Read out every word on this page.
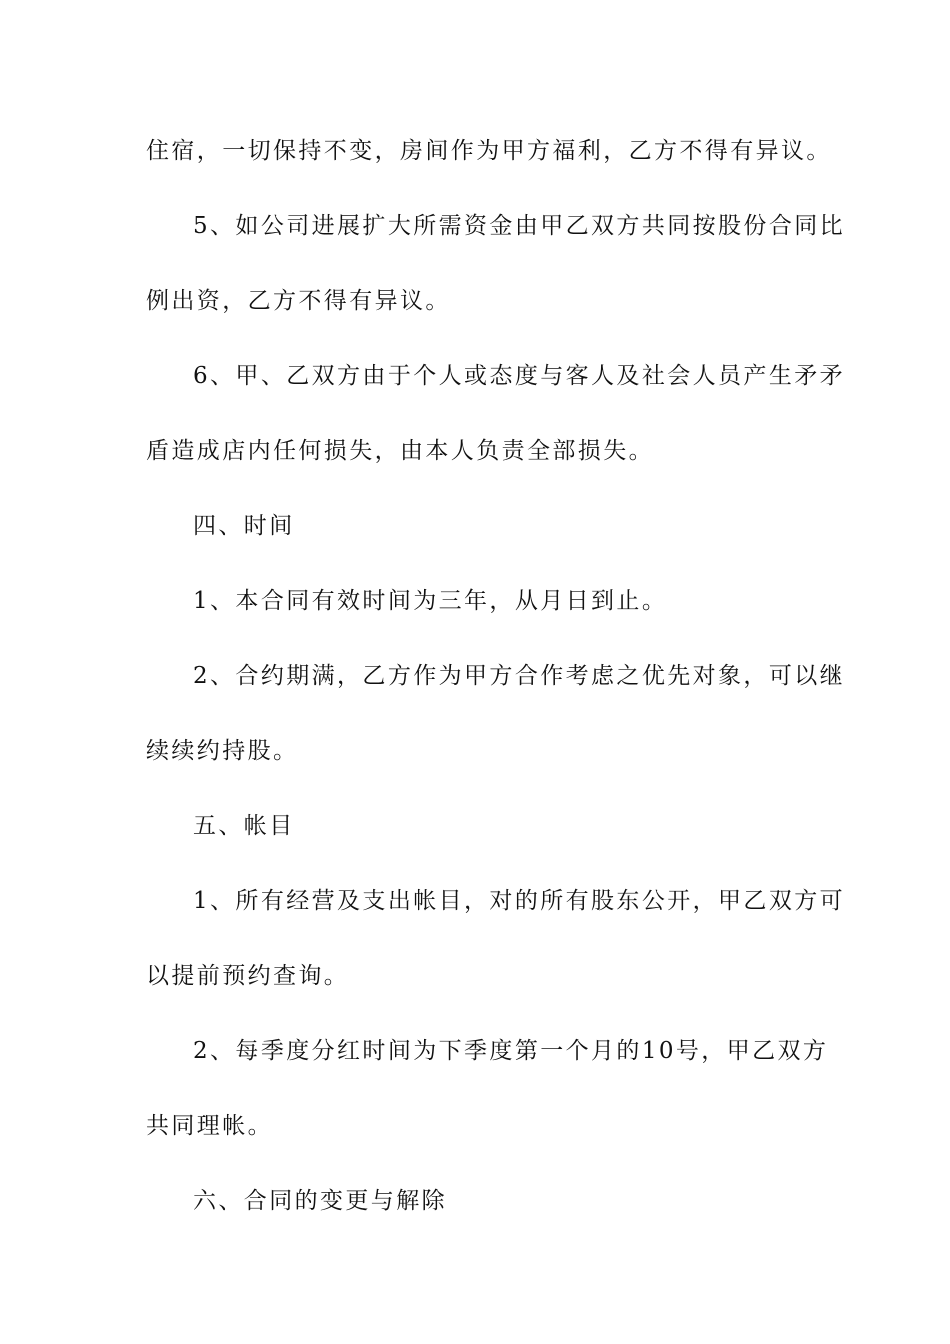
住宿，一切保持不变，房间作为甲方福利，乙方不得有异议。
5、如公司进展扩大所需资金由甲乙双方共同按股份合同比
例出资，乙方不得有异议。
6、甲、乙双方由于个人或态度与客人及社会人员产生矛矛
盾造成店内任何损失，由本人负责全部损失。
四、时间
1、本合同有效时间为三年，从月日到止。
2、合约期满，乙方作为甲方合作考虑之优先对象，可以继
续续约持股。
五、帐目
1、所有经营及支出帐目，对的所有股东公开，甲乙双方可
以提前预约查询。
2、每季度分红时间为下季度第一个月的10号，甲乙双方
共同理帐。
六、合同的变更与解除
